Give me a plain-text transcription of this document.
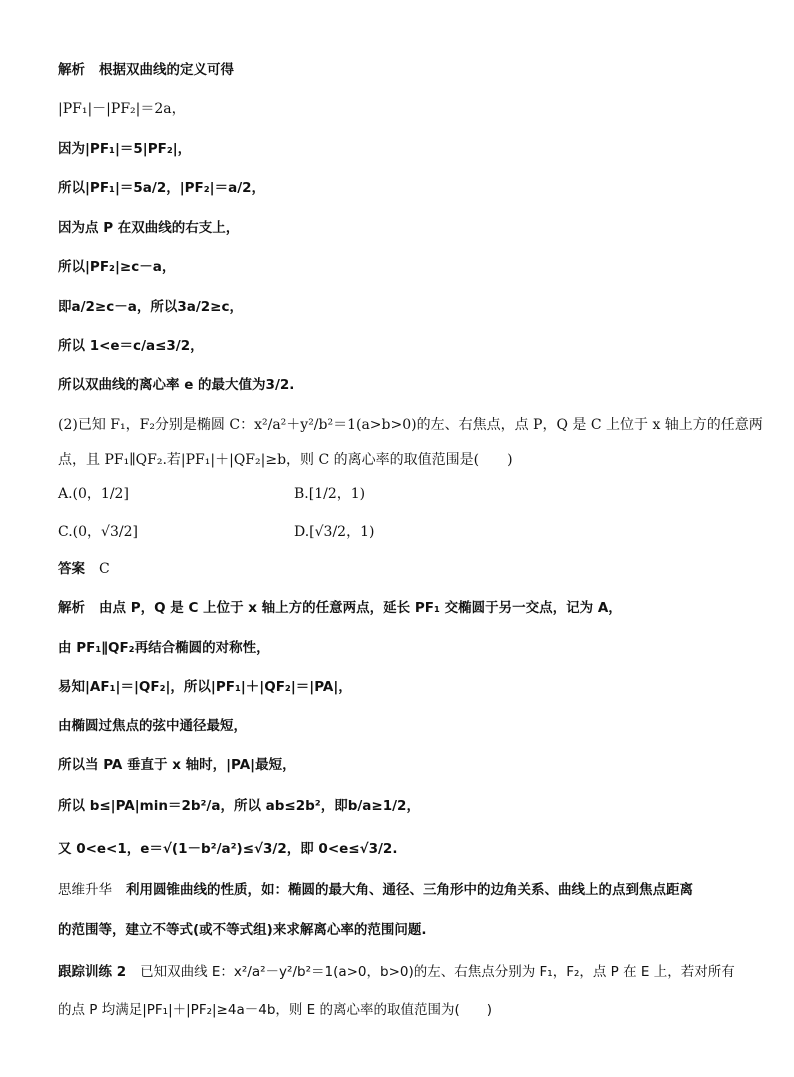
解析 根据双曲线的定义可得
|PF₁|－|PF₂|＝2a，
因为|PF₁|＝5|PF₂|，
所以|PF₁|＝5a/2，|PF₂|＝a/2，
因为点 P 在双曲线的右支上，
所以|PF₂|≥c－a，
即a/2≥c－a，所以3a/2≥c，
所以 1<e＝c/a≤3/2，
所以双曲线的离心率 e 的最大值为3/2.
(2)已知 F₁，F₂分别是椭圆 C：x²/a²＋y²/b²＝1(a>b>0)的左、右焦点，点 P，Q 是 C 上位于 x 轴上方的任意两
点，且 PF₁∥QF₂.若|PF₁|＋|QF₂|≥b，则 C 的离心率的取值范围是(　　)
A.(0，1/2]	B.[1/2，1)
C.(0，√3/2]	D.[√3/2，1)
答案 C
解析 由点 P，Q 是 C 上位于 x 轴上方的任意两点，延长 PF₁ 交椭圆于另一交点，记为 A，
由 PF₁∥QF₂再结合椭圆的对称性，
易知|AF₁|＝|QF₂|，所以|PF₁|＋|QF₂|＝|PA|，
由椭圆过焦点的弦中通径最短，
所以当 PA 垂直于 x 轴时，|PA|最短，
所以 b≤|PA|min＝2b²/a，所以 ab≤2b²，即b/a≥1/2，
又 0<e<1，e＝√(1－b²/a²)≤√3/2，即 0<e≤√3/2.
思维升华 利用圆锥曲线的性质，如：椭圆的最大角、通径、三角形中的边角关系、曲线上的点到焦点距离
的范围等，建立不等式(或不等式组)来求解离心率的范围问题.
跟踪训练 2 已知双曲线 E：x²/a²－y²/b²＝1(a>0，b>0)的左、右焦点分别为 F₁，F₂，点 P 在 E 上，若对所有
的点 P 均满足|PF₁|＋|PF₂|≥4a－4b，则 E 的离心率的取值范围为(　　)
